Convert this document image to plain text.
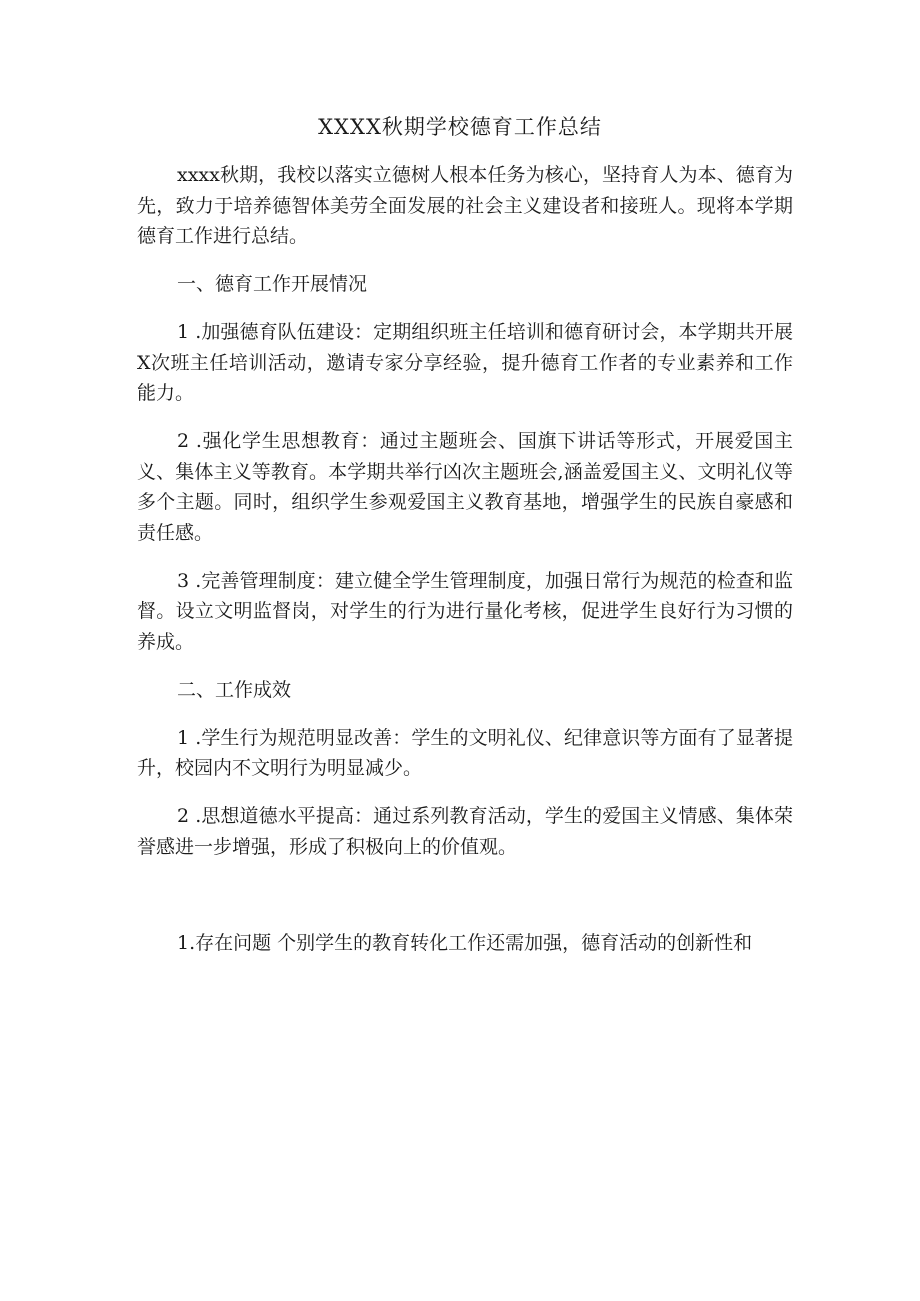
XXXX秋期学校德育工作总结

xxxx秋期，我校以落实立德树人根本任务为核心，坚持育人为本、德育为先，致力于培养德智体美劳全面发展的社会主义建设者和接班人。现将本学期德育工作进行总结。

一、德育工作开展情况

1 .加强德育队伍建设：定期组织班主任培训和德育研讨会，本学期共开展X次班主任培训活动，邀请专家分享经验，提升德育工作者的专业素养和工作能力。

2 .强化学生思想教育：通过主题班会、国旗下讲话等形式，开展爱国主义、集体主义等教育。本学期共举行凶次主题班会,涵盖爱国主义、文明礼仪等多个主题。同时，组织学生参观爱国主义教育基地，增强学生的民族自豪感和责任感。

3 .完善管理制度：建立健全学生管理制度，加强日常行为规范的检查和监督。设立文明监督岗，对学生的行为进行量化考核，促进学生良好行为习惯的养成。

二、工作成效

1 .学生行为规范明显改善：学生的文明礼仪、纪律意识等方面有了显著提升，校园内不文明行为明显减少。

2 .思想道德水平提高：通过系列教育活动，学生的爱国主义情感、集体荣誉感进一步增强，形成了积极向上的价值观。

1.存在问题 个别学生的教育转化工作还需加强，德育活动的创新性和
